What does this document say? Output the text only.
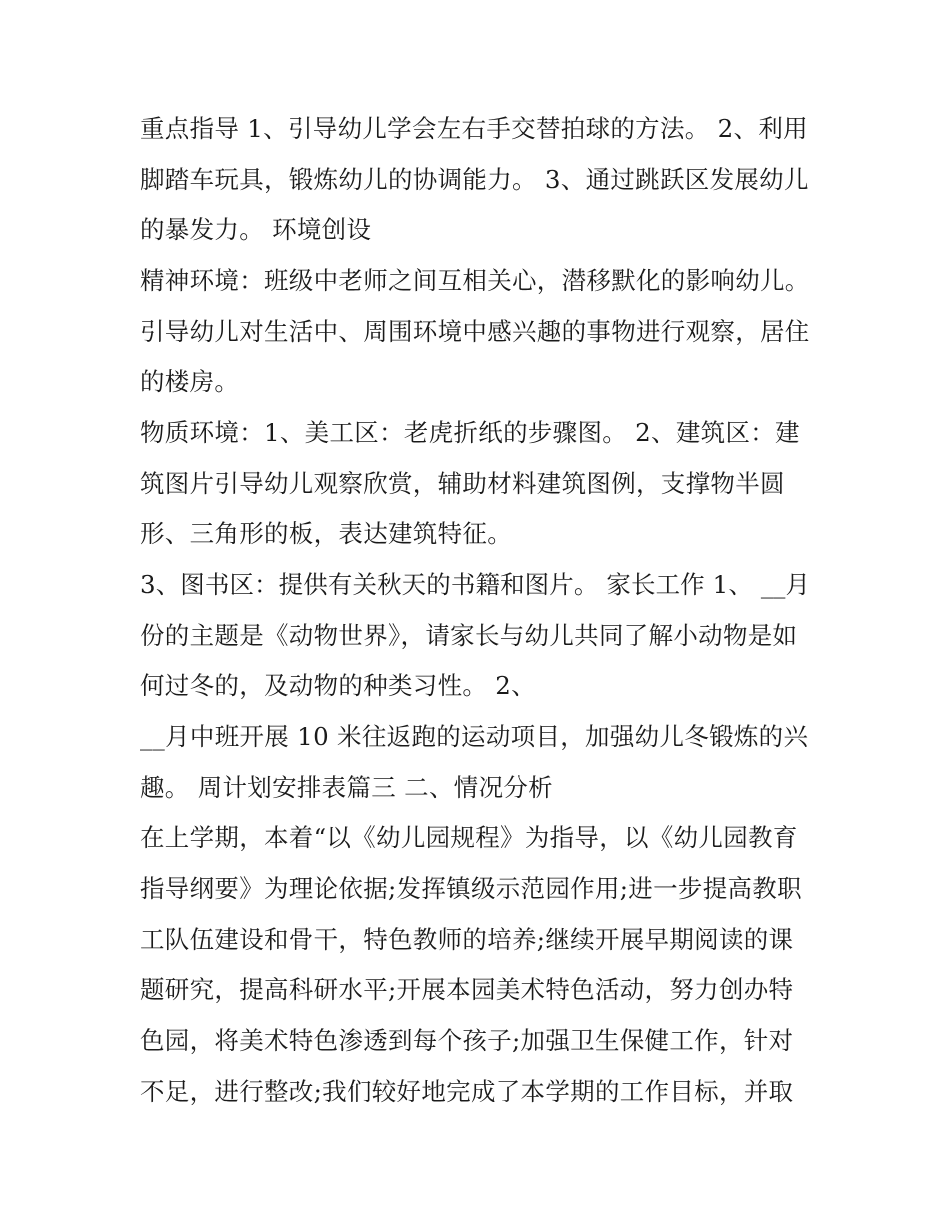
重点指导 1、引导幼儿学会左右手交替拍球的方法。 2、利用
脚踏车玩具，锻炼幼儿的协调能力。 3、通过跳跃区发展幼儿
的暴发力。 环境创设
精神环境：班级中老师之间互相关心，潜移默化的影响幼儿。
引导幼儿对生活中、周围环境中感兴趣的事物进行观察，居住
的楼房。
物质环境：1、美工区：老虎折纸的步骤图。 2、建筑区：建
筑图片引导幼儿观察欣赏，辅助材料建筑图例，支撑物半圆
形、三角形的板，表达建筑特征。
3、图书区：提供有关秋天的书籍和图片。 家长工作 1、 __月
份的主题是《动物世界》，请家长与幼儿共同了解小动物是如
何过冬的，及动物的种类习性。 2、
__月中班开展 10 米往返跑的运动项目，加强幼儿冬锻炼的兴
趣。 周计划安排表篇三 二、情况分析
在上学期，本着“以《幼儿园规程》为指导，以《幼儿园教育
指导纲要》为理论依据;发挥镇级示范园作用;进一步提高教职
工队伍建设和骨干，特色教师的培养;继续开展早期阅读的课
题研究，提高科研水平;开展本园美术特色活动，努力创办特
色园，将美术特色渗透到每个孩子;加强卫生保健工作，针对
不足，进行整改;我们较好地完成了本学期的工作目标，并取
